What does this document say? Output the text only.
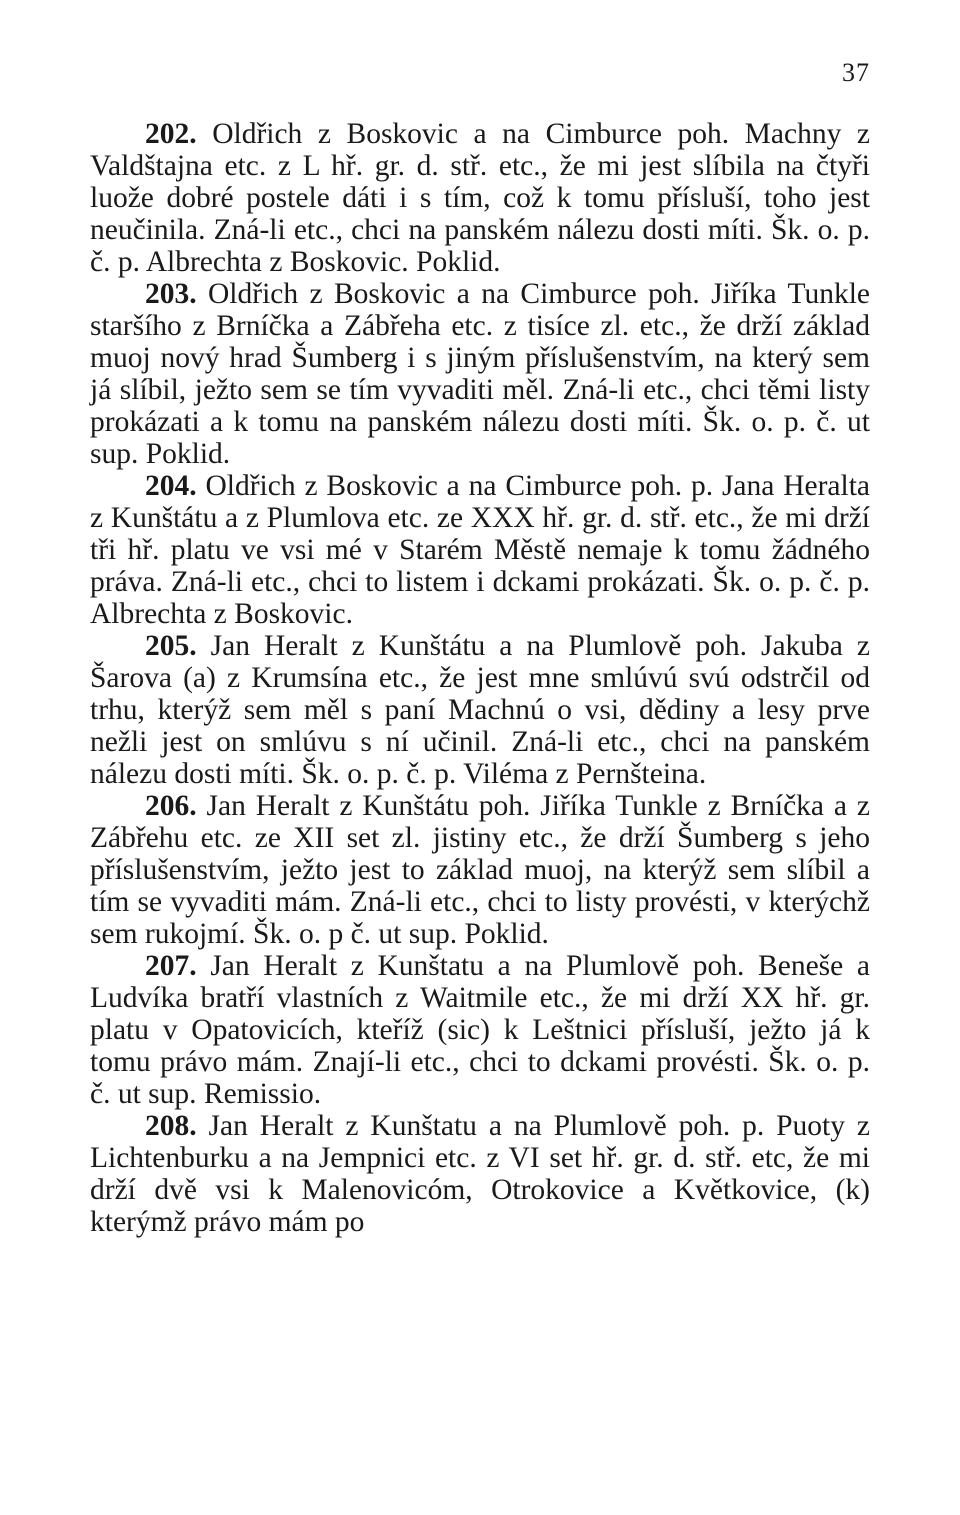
37

202. Oldřich z Boskovic a na Cimburce poh. Machny z Valdštajna etc. z L hř. gr. d. stř. etc., že mi jest slíbila na čtyři luože dobré postele dáti i s tím, což k tomu přísluší, toho jest neučinila. Zná-li etc., chci na panském nálezu dosti míti. Šk. o. p. č. p. Albrechta z Boskovic. Poklid.

203. Oldřich z Boskovic a na Cimburce poh. Jiříka Tunkle staršího z Brníčka a Zábřeha etc. z tisíce zl. etc., že drží základ muoj nový hrad Šumberg i s jiným příslušenstvím, na který sem já slíbil, ježto sem se tím vyvaditi měl. Zná-li etc., chci těmi listy prokázati a k tomu na panském nálezu dosti míti. Šk. o. p. č. ut sup. Poklid.

204. Oldřich z Boskovic a na Cimburce poh. p. Jana Heralta z Kunštátu a z Plumlova etc. ze XXX hř. gr. d. stř. etc., že mi drží tři hř. platu ve vsi mé v Starém Městě nemaje k tomu žádného práva. Zná-li etc., chci to listem i dckami prokázati. Šk. o. p. č. p. Albrechta z Boskovic.

205. Jan Heralt z Kunštátu a na Plumlově poh. Jakuba z Šarova (a) z Krumsína etc., že jest mne smlúvú svú odstrčil od trhu, kterýž sem měl s paní Machnú o vsi, dědiny a lesy prve nežli jest on smlúvu s ní učinil. Zná-li etc., chci na panském nálezu dosti míti. Šk. o. p. č. p. Viléma z Pernšteina.

206. Jan Heralt z Kunštátu poh. Jiříka Tunkle z Brníčka a z Zábřehu etc. ze XII set zl. jistiny etc., že drží Šumberg s jeho příslušenstvím, ježto jest to základ muoj, na kterýž sem slíbil a tím se vyvaditi mám. Zná-li etc., chci to listy provésti, v kterýchž sem rukojmí. Šk. o. p č. ut sup. Poklid.

207. Jan Heralt z Kunštatu a na Plumlově poh. Beneše a Ludvíka bratří vlastních z Waitmile etc., že mi drží XX hř. gr. platu v Opatovicích, kteříž (sic) k Leštnici přísluší, ježto já k tomu právo mám. Znají-li etc., chci to dckami provésti. Šk. o. p. č. ut sup. Remissio.

208. Jan Heralt z Kunštatu a na Plumlově poh. p. Puoty z Lichtenburku a na Jempnici etc. z VI set hř. gr. d. stř. etc, že mi drží dvě vsi k Malenovicóm, Otrokovice a Květkovice, (k) kterýmž právo mám po
